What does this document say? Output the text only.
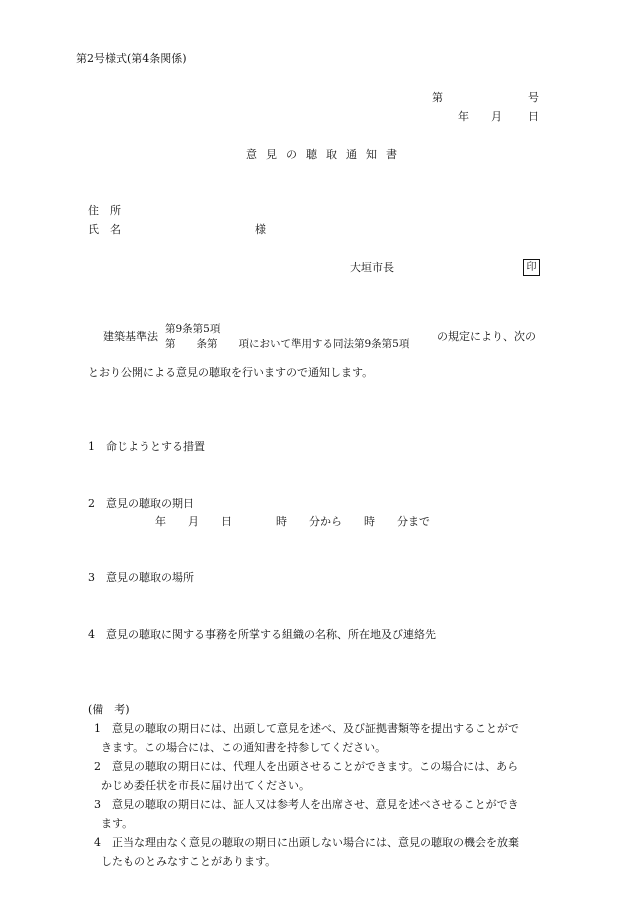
第2号様式(第4条関係)
第	号
年 月 日
意見の聴取通知書
住　所
氏　名	様
大垣市長	印
建築基準法
第9条第5項
第　　条第　　項において準用する同法第9条第5項
の規定により、次の
とおり公開による意見の聴取を行いますので通知します。
1　命じようとする措置
2　意見の聴取の期日
年　　月　　日　　　　時　　分から　　時　　分まで
3　意見の聴取の場所
4　意見の聴取に関する事務を所掌する組織の名称、所在地及び連絡先
(備　考)
1　意見の聴取の期日には、出頭して意見を述べ、及び証拠書類等を提出することがで
きます。この場合には、この通知書を持参してください。
2　意見の聴取の期日には、代理人を出頭させることができます。この場合には、あら
かじめ委任状を市長に届け出てください。
3　意見の聴取の期日には、証人又は参考人を出席させ、意見を述べさせることができ
ます。
4　正当な理由なく意見の聴取の期日に出頭しない場合には、意見の聴取の機会を放棄
したものとみなすことがあります。
